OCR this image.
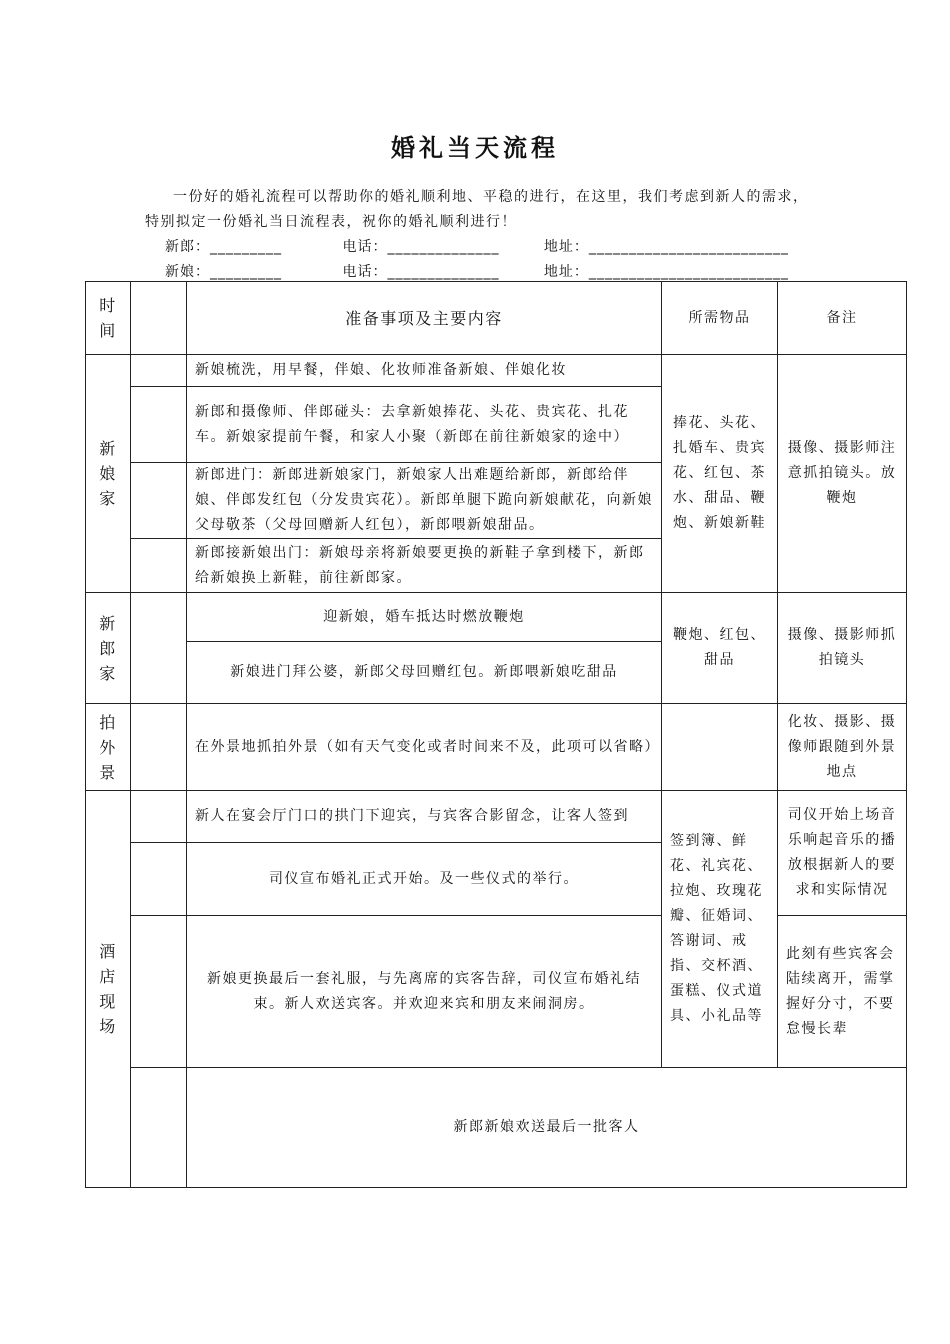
婚礼当天流程
一份好的婚礼流程可以帮助你的婚礼顺利地、平稳的进行，在这里，我们考虑到新人的需求，特别拟定一份婚礼当日流程表，祝你的婚礼顺利进行！
新郎：_________	电话：______________	地址：_________________________
新娘：_________	电话：______________	地址：_________________________
时间		准备事项及主要内容	所需物品	备注
新娘家		新娘梳洗，用早餐，伴娘、化妆师准备新娘、伴娘化妆	捧花、头花、扎婚车、贵宾花、红包、茶水、甜品、鞭炮、新娘新鞋	摄像、摄影师注意抓拍镜头。放鞭炮
		新郎和摄像师、伴郎碰头：去拿新娘捧花、头花、贵宾花、扎花车。新娘家提前午餐，和家人小聚（新郎在前往新娘家的途中）		
		新郎进门：新郎进新娘家门，新娘家人出难题给新郎，新郎给伴娘、伴郎发红包（分发贵宾花）。新郎单腿下跪向新娘献花，向新娘父母敬茶（父母回赠新人红包），新郎喂新娘甜品。		
		新郎接新娘出门：新娘母亲将新娘要更换的新鞋子拿到楼下，新郎给新娘换上新鞋，前往新郎家。		
新郎家		迎新娘，婚车抵达时燃放鞭炮	鞭炮、红包、甜品	摄像、摄影师抓拍镜头
		新娘进门拜公婆，新郎父母回赠红包。新郎喂新娘吃甜品		
拍外景		在外景地抓拍外景（如有天气变化或者时间来不及，此项可以省略）		化妆、摄影、摄像师跟随到外景地点
酒店现场		新人在宴会厅门口的拱门下迎宾，与宾客合影留念，让客人签到	签到簿、鲜花、礼宾花、拉炮、玫瑰花瓣、征婚词、答谢词、戒指、交杯酒、蛋糕、仪式道具、小礼品等	司仪开始上场音乐响起音乐的播放根据新人的要求和实际情况
		司仪宣布婚礼正式开始。及一些仪式的举行。		
		新娘更换最后一套礼服，与先离席的宾客告辞，司仪宣布婚礼结束。新人欢送宾客。并欢迎来宾和朋友来闹洞房。		此刻有些宾客会陆续离开，需掌握好分寸，不要怠慢长辈
		新郎新娘欢送最后一批客人		
